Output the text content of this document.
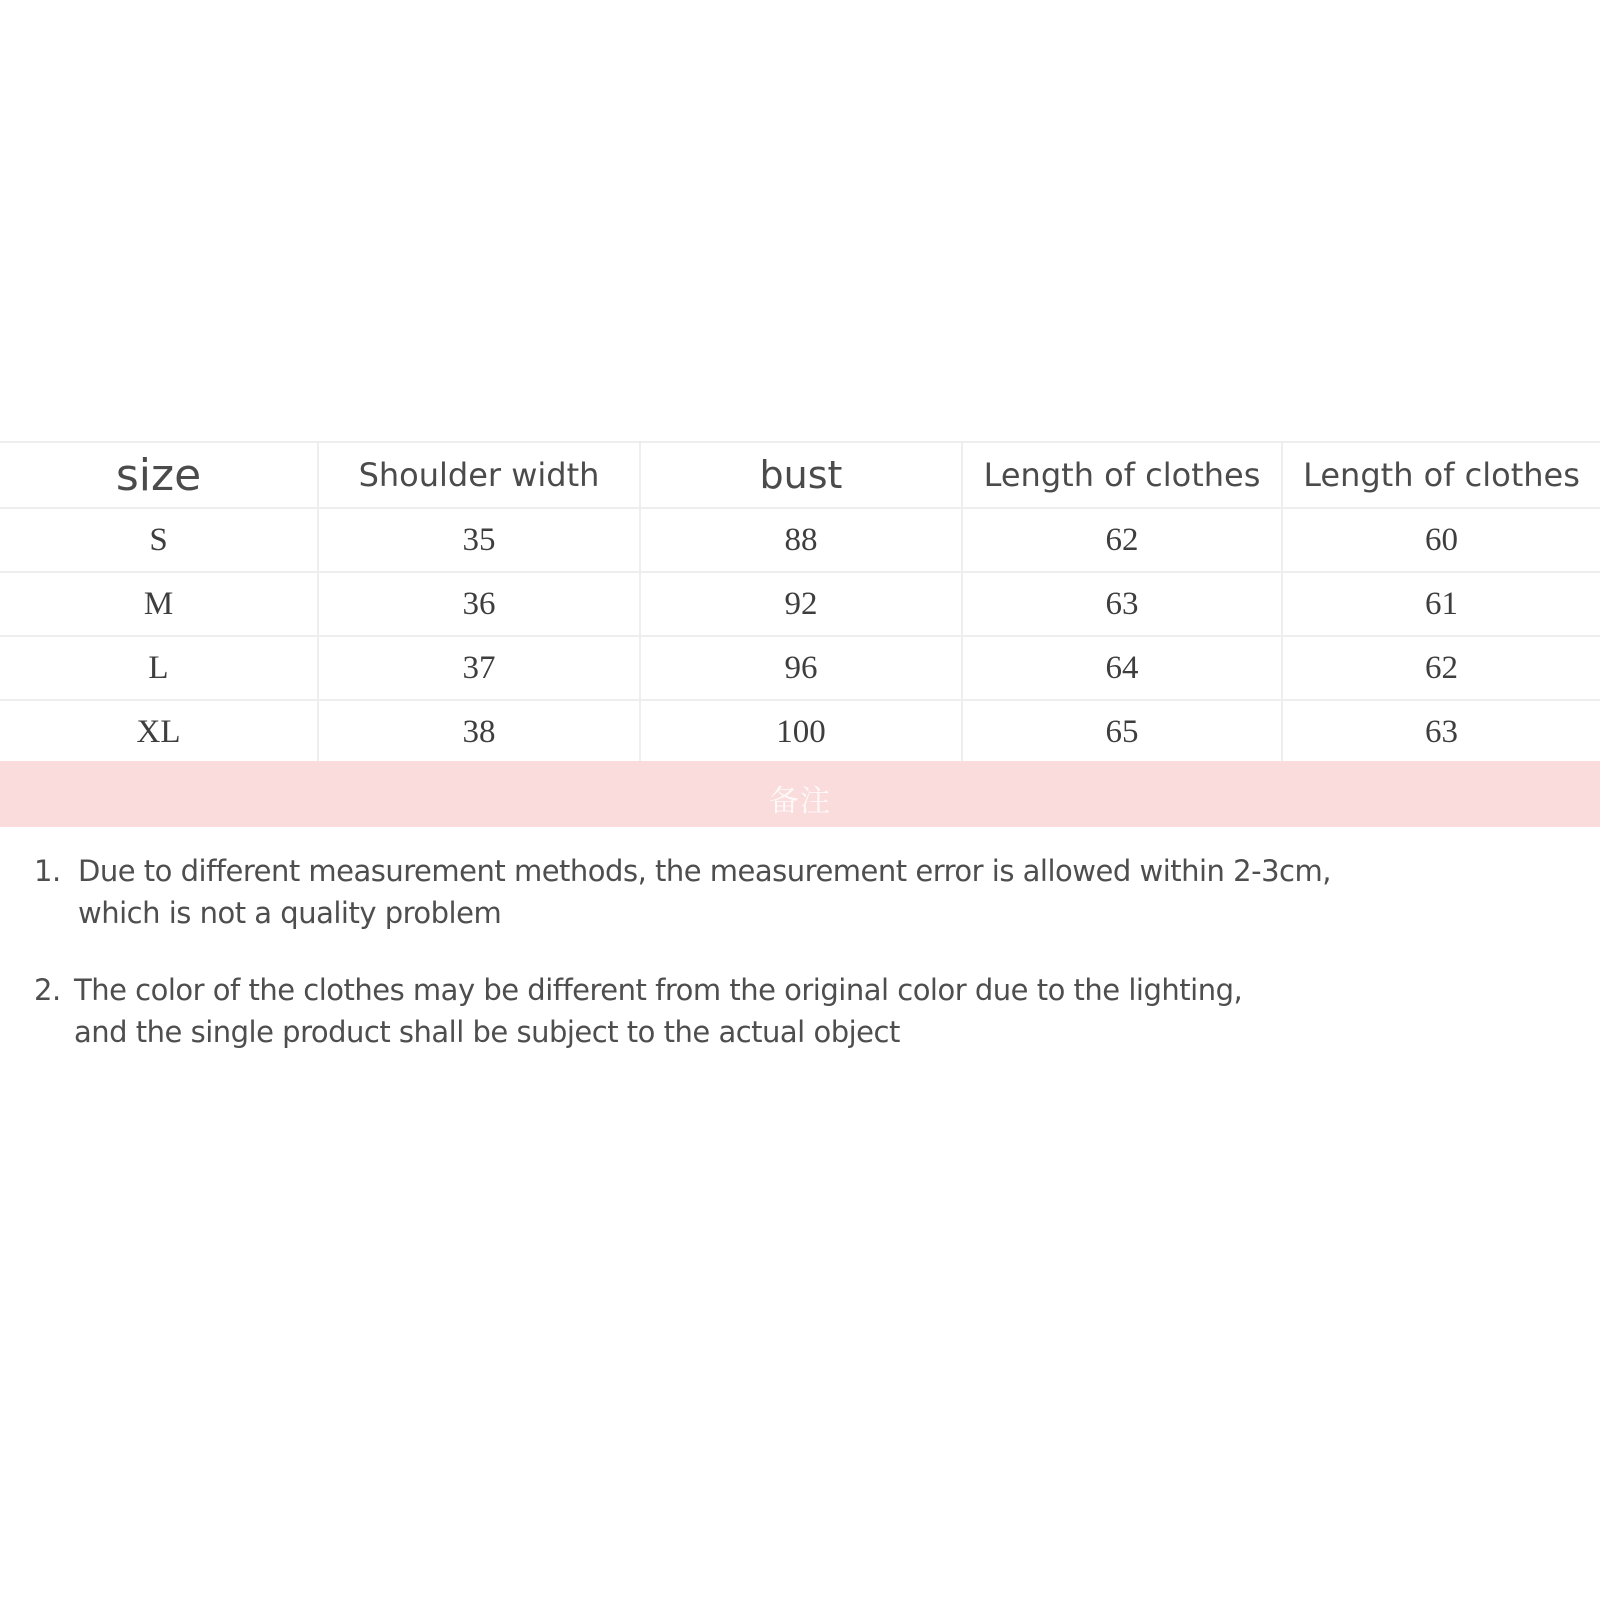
size	Shoulder width	bust	Length of clothes	Length of clothes
S	35	88	62	60
M	36	92	63	61
L	37	96	64	62
XL	38	100	65	63
备注
1. Due to different measurement methods, the measurement error is allowed within 2-3cm,
which is not a quality problem
2. The color of the clothes may be different from the original color due to the lighting,
and the single product shall be subject to the actual object
